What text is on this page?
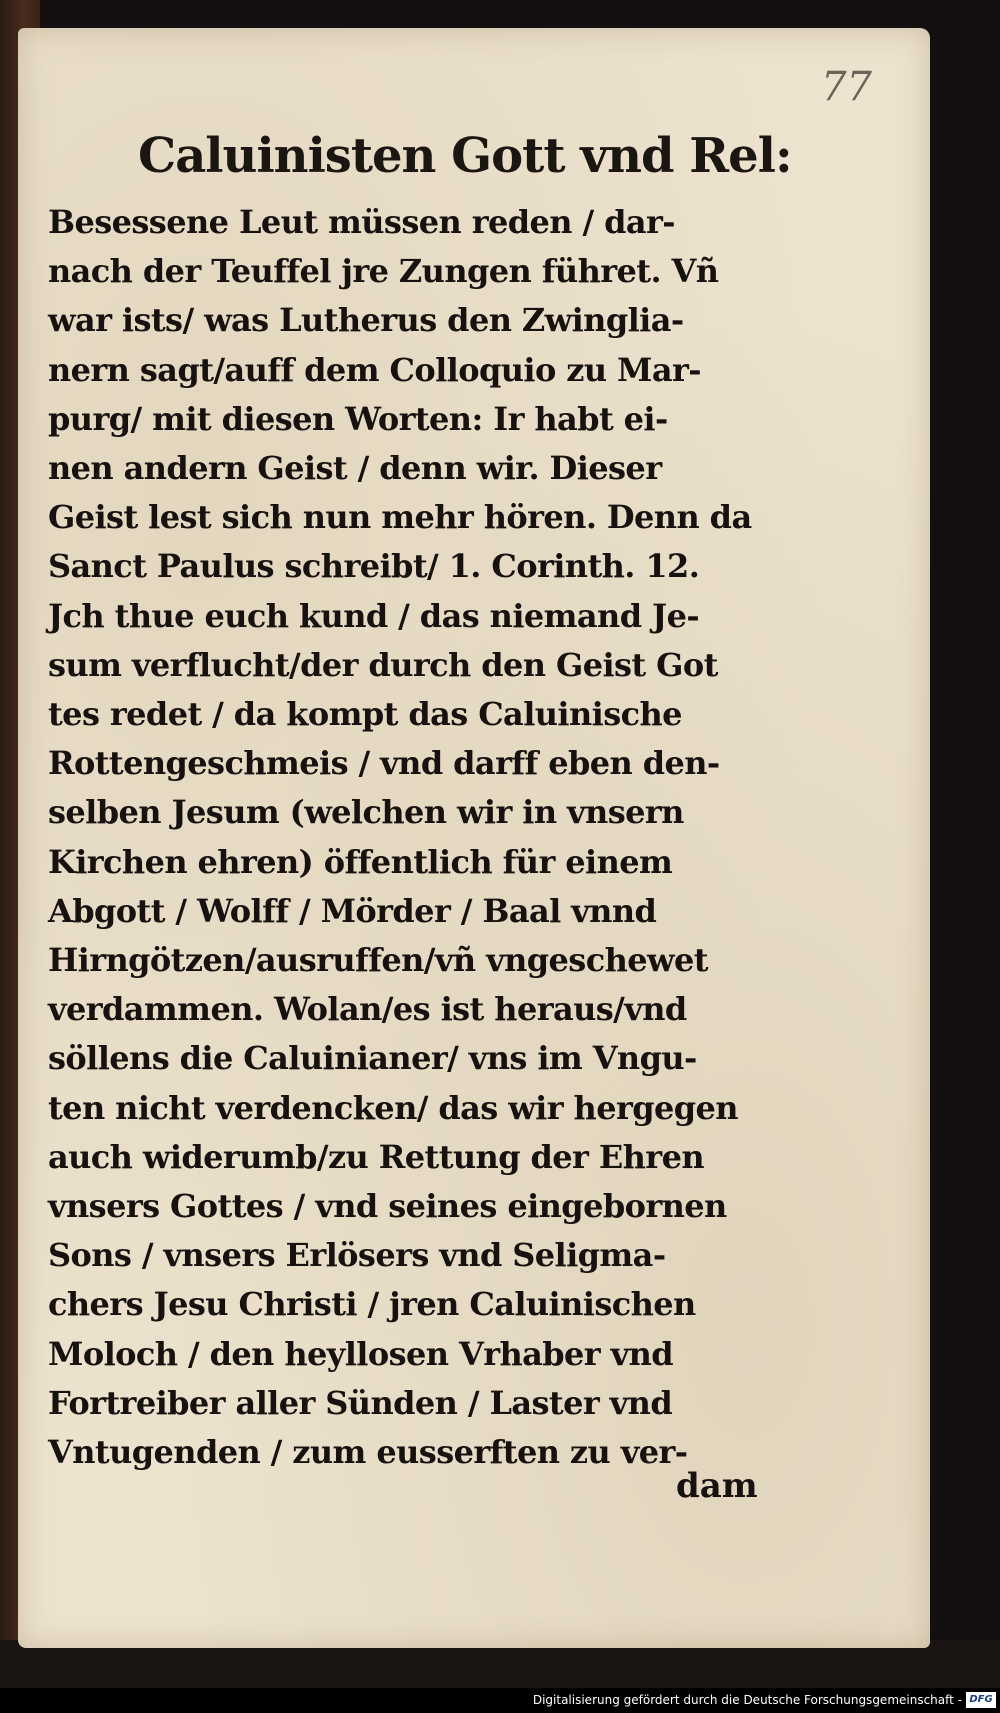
77
Caluinisten Gott vnd Rel:
Besessene Leut müssen reden / dar-
nach der Teuffel jre Zungen führet. Vñ
war ists/ was Lutherus den Zwinglia-
nern sagt/auff dem Colloquio zu Mar-
purg/ mit diesen Worten: Ir habt ei-
nen andern Geist / denn wir. Dieser
Geist lest sich nun mehr hören. Denn da
Sanct Paulus schreibt/ 1. Corinth. 12.
Jch thue euch kund / das niemand Je-
sum verflucht/der durch den Geist Got
tes redet / da kompt das Caluinische
Rottengeschmeis / vnd darff eben den-
selben Jesum (welchen wir in vnsern
Kirchen ehren) öffentlich für einem
Abgott / Wolff / Mörder / Baal vnnd
Hirngötzen/ausruffen/vñ vngeschewet
verdammen. Wolan/es ist heraus/vnd
söllens die Caluinianer/ vns im Vngu-
ten nicht verdencken/ das wir hergegen
auch widerumb/zu Rettung der Ehren
vnsers Gottes / vnd seines eingebornen
Sons / vnsers Erlösers vnd Seligma-
chers Jesu Christi / jren Caluinischen
Moloch / den heyllosen Vrhaber vnd
Fortreiber aller Sünden / Laster vnd
Vntugenden / zum eusserften zu ver-
dam
Digitalisierung gefördert durch die Deutsche Forschungsgemeinschaft - DFG
